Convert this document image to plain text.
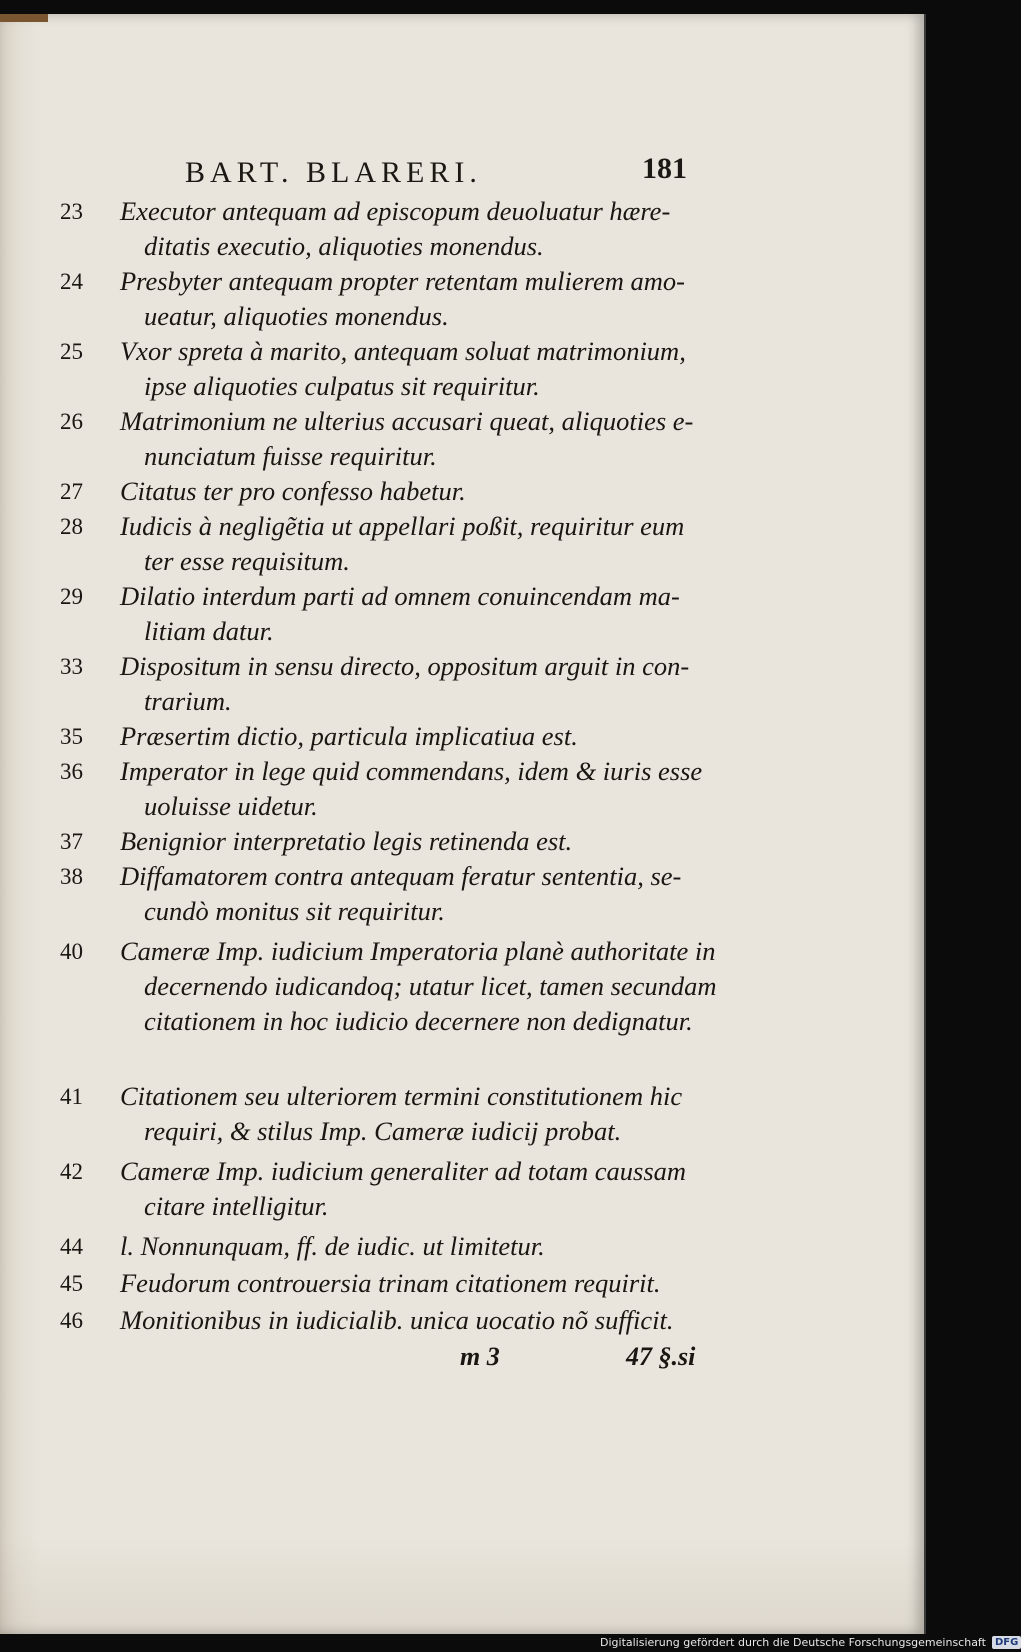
BART. BLARERI.	181
23	Executor antequam ad episcopum deuoluatur hæreditatis executio, aliquoties monendus.
24	Presbyter antequam propter retentam mulierem amoueatur, aliquoties monendus.
25	Vxor spreta à marito, antequam soluat matrimonium, ipse aliquoties culpatus sit requiritur.
26	Matrimonium ne ulterius accusari queat, aliquoties enunciatum fuisse requiritur.
27	Citatus ter pro confesso habetur.
28	Iudicis à negligẽtia ut appellari poßit, requiritur eum ter esse requisitum.
29	Dilatio interdum parti ad omnem conuincendam malitiam datur.
33	Dispositum in sensu directo, oppositum arguit in contrarium.
35	Præsertim dictio, particula implicatiua est.
36	Imperator in lege quid commendans, idem & iuris esse uoluisse uidetur.
37	Benignior interpretatio legis retinenda est.
38	Diffamatorem contra antequam feratur sententia, secundò monitus sit requiritur.
40	Cameræ Imp. iudicium Imperatoria planè authoritate in decernendo iudicandoq; utatur licet, tamen secundam citationem in hoc iudicio decernere non dedignatur.
41	Citationem seu ulteriorem termini constitutionem hic requiri, & stilus Imp. Cameræ iudicij probat.
42	Cameræ Imp. iudicium generaliter ad totam caussam citare intelligitur.
44	l. Nonnunquam, ff. de iudic. ut limitetur.
45	Feudorum controuersia trinam citationem requirit.
46	Monitionibus in iudicialib. unica uocatio nõ sufficit.
m 3	47 §.si
Digitalisierung gefördert durch die Deutsche Forschungsgemeinschaft DFG
